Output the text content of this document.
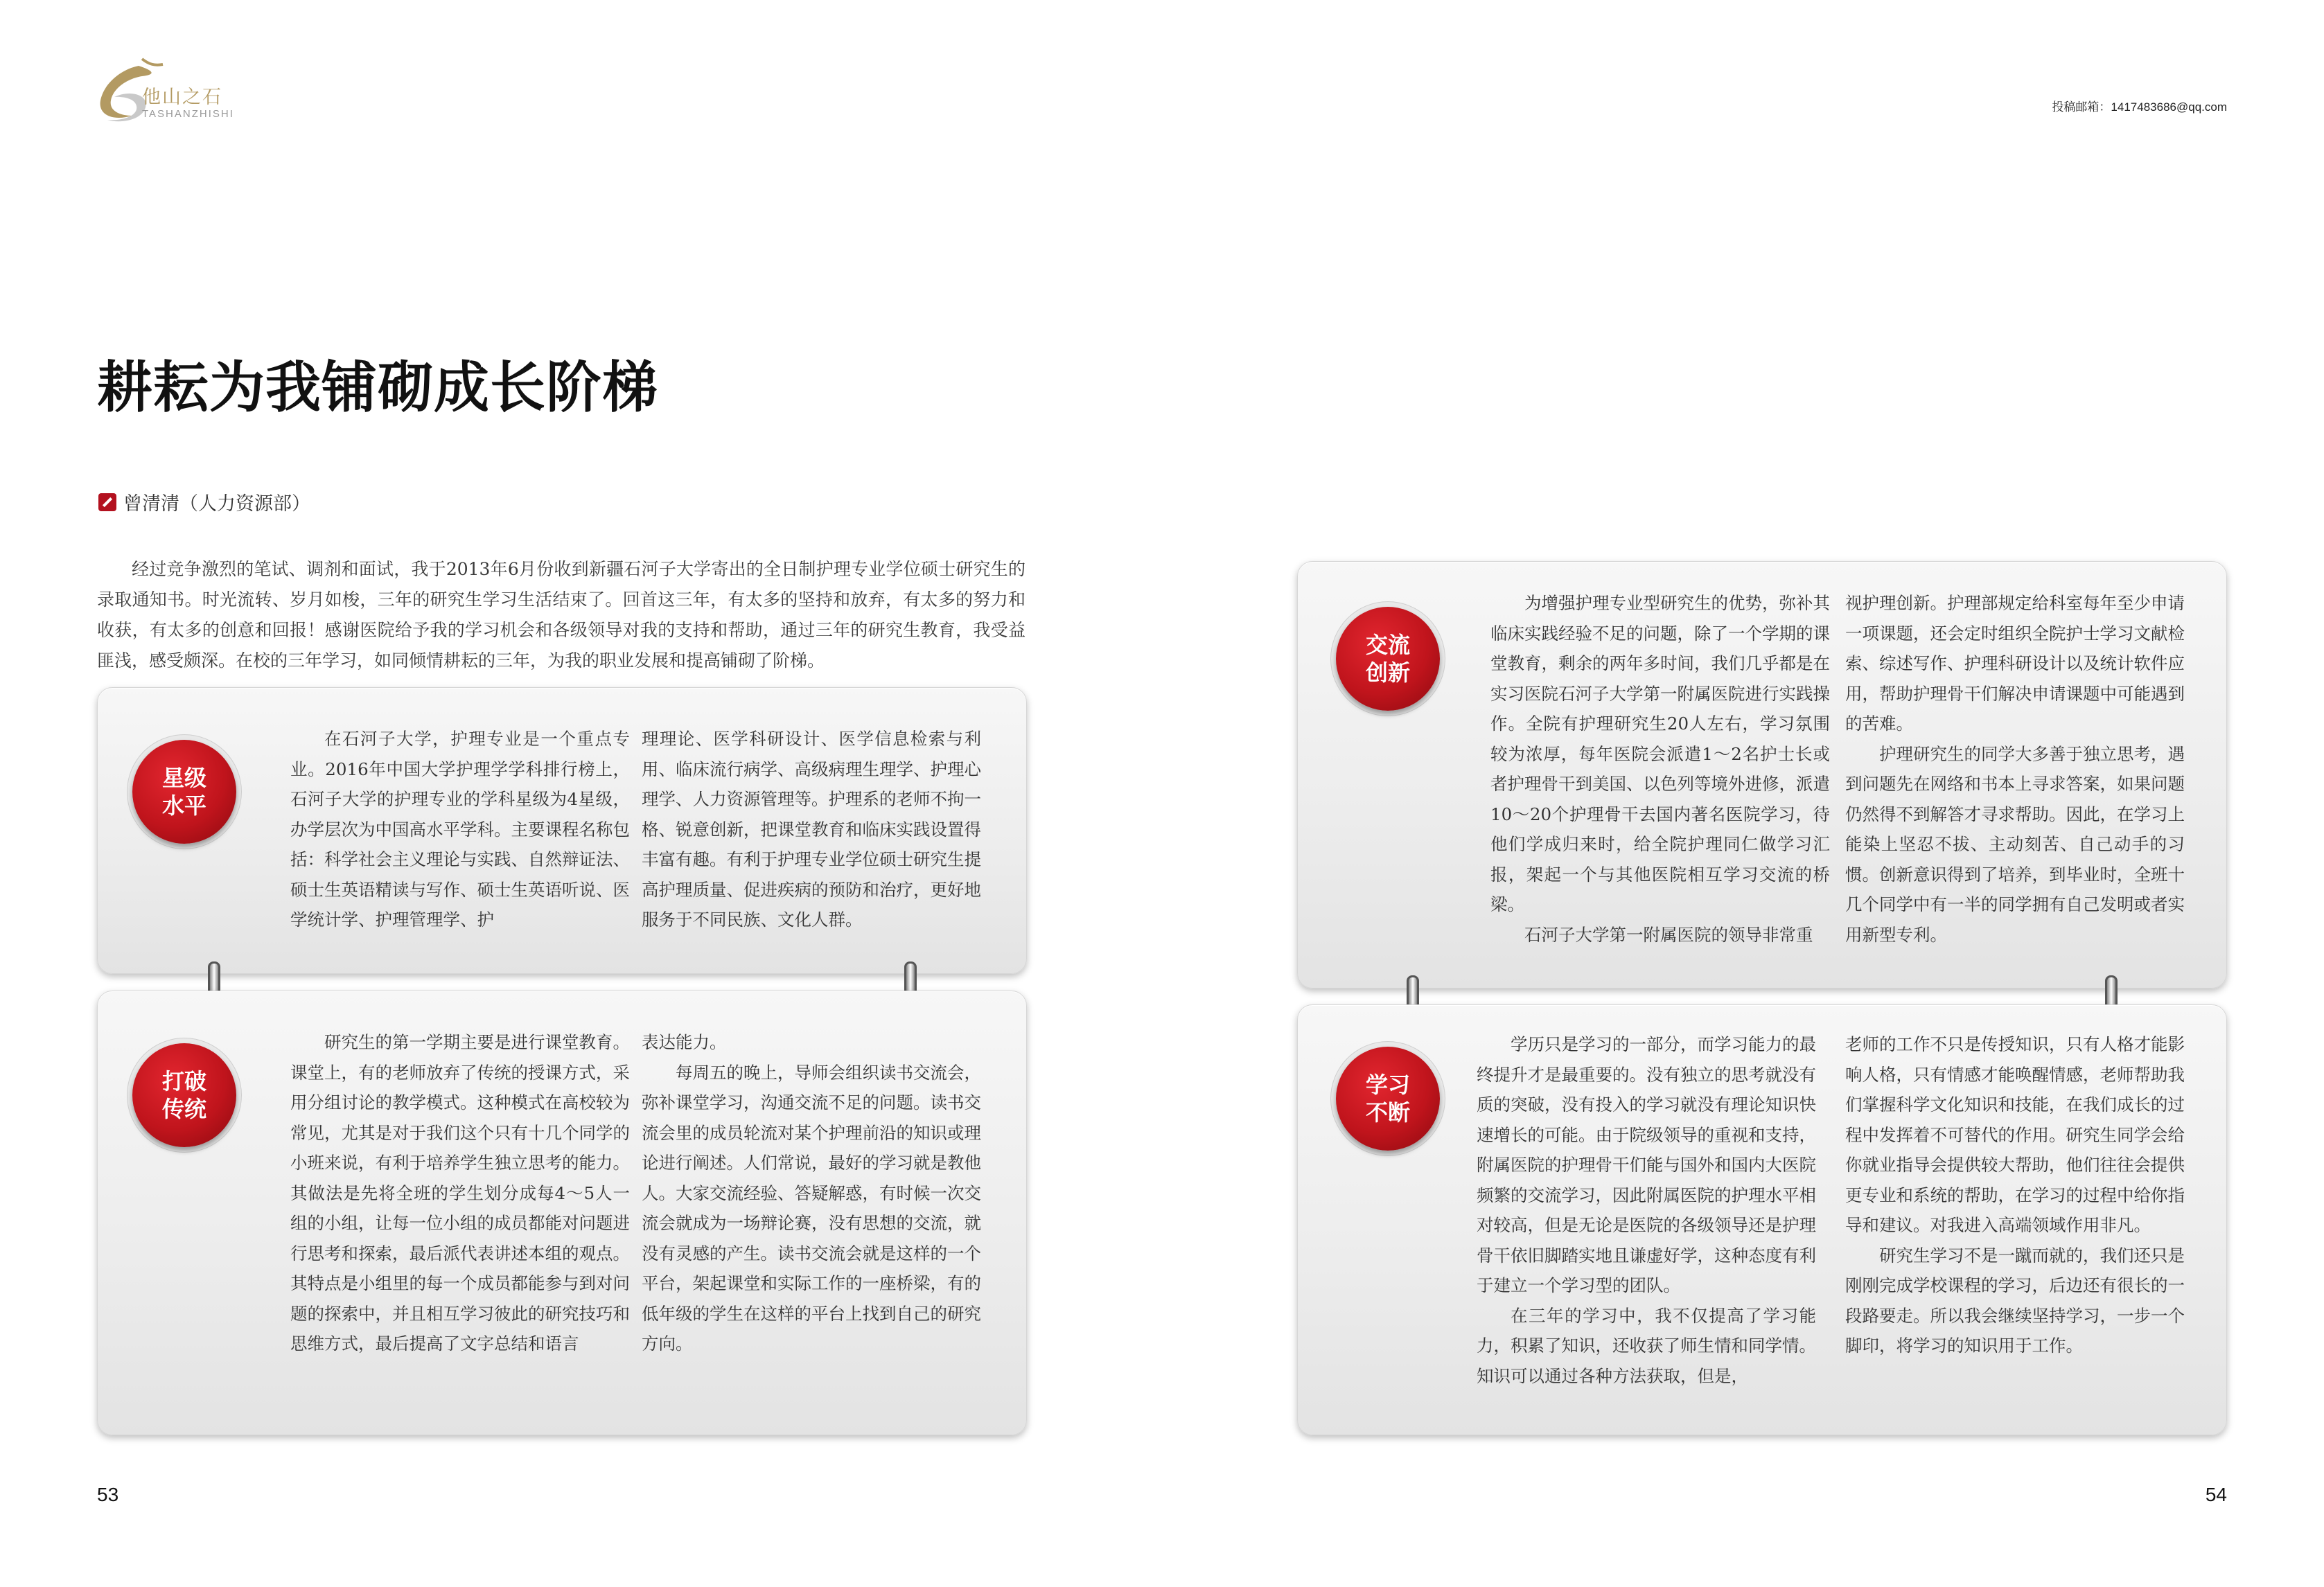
他山之石
TASHANZHISHI
投稿邮箱：1417483686@qq.com
耕耘为我铺砌成长阶梯
曾清清（人力资源部）
经过竞争激烈的笔试、调剂和面试，我于2013年6月份收到新疆石河子大学寄出的全日制护理专业学位硕士研究生的录取通知书。时光流转、岁月如梭，三年的研究生学习生活结束了。回首这三年，有太多的坚持和放弃，有太多的努力和收获，有太多的创意和回报！感谢医院给予我的学习机会和各级领导对我的支持和帮助，通过三年的研究生教育，我受益匪浅，感受颇深。在校的三年学习，如同倾情耕耘的三年，为我的职业发展和提高铺砌了阶梯。
星级
水平

在石河子大学，护理专业是一个重点专业。2016年中国大学护理学学科排行榜上，石河子大学的护理专业的学科星级为4星级，办学层次为中国高水平学科。主要课程名称包括：科学社会主义理论与实践、自然辩证法、硕士生英语精读与写作、硕士生英语听说、医学统计学、护理管理学、护

理理论、医学科研设计、医学信息检索与利用、临床流行病学、高级病理生理学、护理心理学、人力资源管理等。护理系的老师不拘一格、锐意创新，把课堂教育和临床实践设置得丰富有趣。有利于护理专业学位硕士研究生提高护理质量、促进疾病的预防和治疗，更好地服务于不同民族、文化人群。

打破
传统

研究生的第一学期主要是进行课堂教育。课堂上，有的老师放弃了传统的授课方式，采用分组讨论的教学模式。这种模式在高校较为常见，尤其是对于我们这个只有十几个同学的小班来说，有利于培养学生独立思考的能力。其做法是先将全班的学生划分成每4～5人一组的小组，让每一位小组的成员都能对问题进行思考和探索，最后派代表讲述本组的观点。其特点是小组里的每一个成员都能参与到对问题的探索中，并且相互学习彼此的研究技巧和思维方式，最后提高了文字总结和语言

表达能力。

每周五的晚上，导师会组织读书交流会，弥补课堂学习，沟通交流不足的问题。读书交流会里的成员轮流对某个护理前沿的知识或理论进行阐述。人们常说，最好的学习就是教他人。大家交流经验、答疑解惑，有时候一次交流会就成为一场辩论赛，没有思想的交流，就没有灵感的产生。读书交流会就是这样的一个平台，架起课堂和实际工作的一座桥梁，有的低年级的学生在这样的平台上找到自己的研究方向。

交流
创新

为增强护理专业型研究生的优势，弥补其临床实践经验不足的问题，除了一个学期的课堂教育，剩余的两年多时间，我们几乎都是在实习医院石河子大学第一附属医院进行实践操作。全院有护理研究生20人左右，学习氛围较为浓厚，每年医院会派遣1～2名护士长或者护理骨干到美国、以色列等境外进修，派遣10～20个护理骨干去国内著名医院学习，待他们学成归来时，给全院护理同仁做学习汇报，架起一个与其他医院相互学习交流的桥梁。

石河子大学第一附属医院的领导非常重

视护理创新。护理部规定给科室每年至少申请一项课题，还会定时组织全院护士学习文献检索、综述写作、护理科研设计以及统计软件应用，帮助护理骨干们解决申请课题中可能遇到的苦难。

护理研究生的同学大多善于独立思考，遇到问题先在网络和书本上寻求答案，如果问题仍然得不到解答才寻求帮助。因此，在学习上能染上坚忍不拔、主动刻苦、自己动手的习惯。创新意识得到了培养，到毕业时，全班十几个同学中有一半的同学拥有自己发明或者实用新型专利。

学习
不断

学历只是学习的一部分，而学习能力的最终提升才是最重要的。没有独立的思考就没有质的突破，没有投入的学习就没有理论知识快速增长的可能。由于院级领导的重视和支持，附属医院的护理骨干们能与国外和国内大医院频繁的交流学习，因此附属医院的护理水平相对较高，但是无论是医院的各级领导还是护理骨干依旧脚踏实地且谦虚好学，这种态度有利于建立一个学习型的团队。

在三年的学习中，我不仅提高了学习能力，积累了知识，还收获了师生情和同学情。知识可以通过各种方法获取，但是，

老师的工作不只是传授知识，只有人格才能影响人格，只有情感才能唤醒情感，老师帮助我们掌握科学文化知识和技能，在我们成长的过程中发挥着不可替代的作用。研究生同学会给你就业指导会提供较大帮助，他们往往会提供更专业和系统的帮助，在学习的过程中给你指导和建议。对我进入高端领域作用非凡。

研究生学习不是一蹴而就的，我们还只是刚刚完成学校课程的学习，后边还有很长的一段路要走。所以我会继续坚持学习，一步一个脚印，将学习的知识用于工作。

53	54
